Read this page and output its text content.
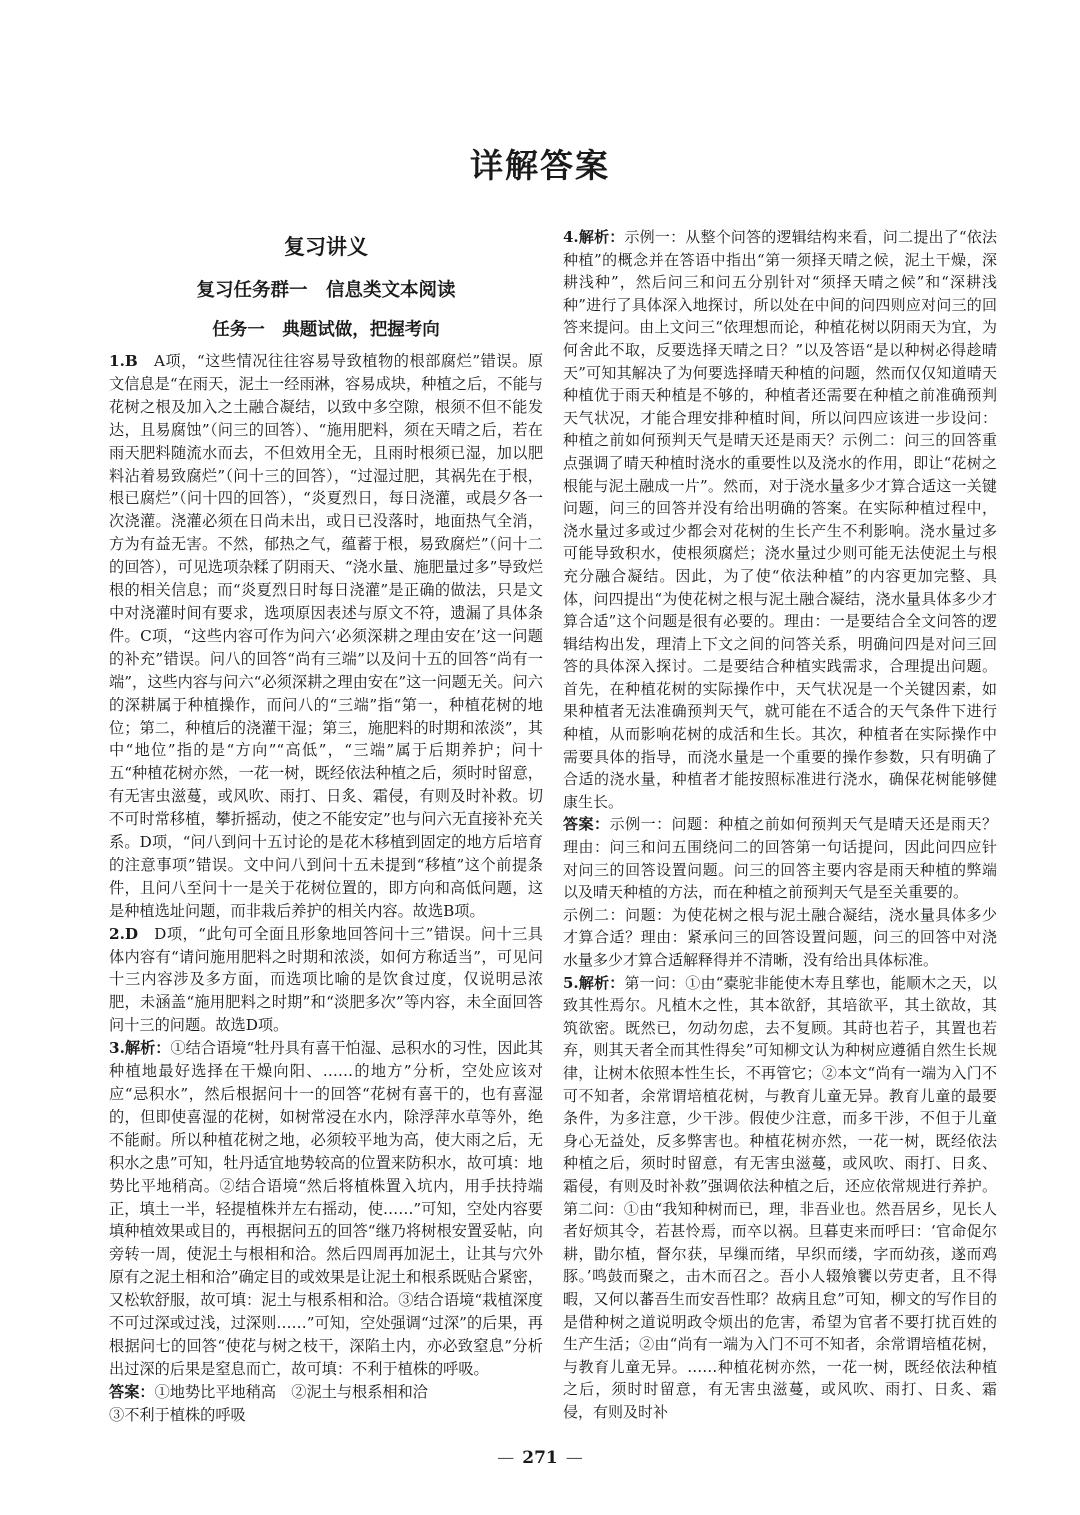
详解答案
复习讲义
复习任务群一　信息类文本阅读
任务一　典题试做，把握考向

1.B　 A项，“这些情况往往容易导致植物的根部腐烂”错误。原文信息是“在雨天，泥土一经雨淋，容易成块，种植之后，不能与花树之根及加入之土融合凝结，以致中多空隙，根须不但不能发达，且易腐蚀”（问三的回答）、“施用肥料，须在天晴之后，若在雨天肥料随流水而去，不但效用全无，且雨时根须已湿，加以肥料沾着易致腐烂”（问十三的回答），“过湿过肥，其祸先在于根，根已腐烂”（问十四的回答），“炎夏烈日，每日浇灌，或晨夕各一次浇灌。浇灌必须在日尚未出，或日已没落时，地面热气全消，方为有益无害。不然，郁热之气，蕴蓄于根，易致腐烂”（问十二的回答），可见选项杂糅了阴雨天、“浇水量、施肥量过多”导致烂根的相关信息；而“炎夏烈日时每日浇灌”是正确的做法，只是文中对浇灌时间有要求，选项原因表述与原文不符，遗漏了具体条件。C项，“这些内容可作为问六‘必须深耕之理由安在’这一问题的补充”错误。问八的回答“尚有三端”以及问十五的回答“尚有一端”，这些内容与问六“必须深耕之理由安在”这一问题无关。问六的深耕属于种植操作，而问八的“三端”指“第一，种植花树的地位；第二，种植后的浇灌干湿；第三，施肥料的时期和浓淡”，其中“地位”指的是“方向”“高低”，“三端”属于后期养护；问十五“种植花树亦然，一花一树，既经依法种植之后，须时时留意，有无害虫滋蔓，或风吹、雨打、日炙、霜侵，有则及时补救。切不可时常移植，攀折摇动，使之不能安定”也与问六无直接补充关系。D项，“问八到问十五讨论的是花木移植到固定的地方后培育的注意事项”错误。文中问八到问十五未提到“移植”这个前提条件，且问八至问十一是关于花树位置的，即方向和高低问题，这是种植选址问题，而非栽后养护的相关内容。故选B项。

2.D　 D项，“此句可全面且形象地回答问十三”错误。问十三具体内容有“请问施用肥料之时期和浓淡，如何方称适当”，可见问十三内容涉及多方面，而选项比喻的是饮食过度，仅说明忌浓肥，未涵盖“施用肥料之时期”和“淡肥多次”等内容，未全面回答问十三的问题。故选D项。

3.解析：①结合语境“牡丹具有喜干怕湿、忌积水的习性，因此其种植地最好选择在干燥向阳、……的地方”分析，空处应该对应“忌积水”，然后根据问十一的回答“花树有喜干的，也有喜湿的，但即使喜湿的花树，如树常浸在水内，除浮萍水草等外，绝不能耐。所以种植花树之地，必须较平地为高，使大雨之后，无积水之患”可知，牡丹适宜地势较高的位置来防积水，故可填：地势比平地稍高。②结合语境“然后将植株置入坑内，用手扶持端正，填土一半，轻提植株并左右摇动，使……”可知，空处内容要填种植效果或目的，再根据问五的回答“继乃将树根安置妥帖，向旁转一周，使泥土与根相和洽。然后四周再加泥土，让其与穴外原有之泥土相和洽”确定目的或效果是让泥土和根系既贴合紧密，又松软舒服，故可填：泥土与根系相和洽。③结合语境“栽植深度不可过深或过浅，过深则……”可知，空处强调“过深”的后果，再根据问七的回答“使花与树之枝干，深陷土内，亦必致窒息”分析出过深的后果是窒息而亡，故可填：不利于植株的呼吸。

答案：①地势比平地稍高　②泥土与根系相和洽
③不利于植株的呼吸

4.解析：示例一：从整个问答的逻辑结构来看，问二提出了“依法种植”的概念并在答语中指出“第一须择天晴之候，泥土干燥，深耕浅种”，然后问三和问五分别针对“须择天晴之候”和“深耕浅种”进行了具体深入地探讨，所以处在中间的问四则应对问三的回答来提问。由上文问三“依理想而论，种植花树以阴雨天为宜，为何舍此不取，反要选择天晴之日？”以及答语“是以种树必得趁晴天”可知其解决了为何要选择晴天种植的问题，然而仅仅知道晴天种植优于雨天种植是不够的，种植者还需要在种植之前准确预判天气状况，才能合理安排种植时间，所以问四应该进一步设问：种植之前如何预判天气是晴天还是雨天？示例二：问三的回答重点强调了晴天种植时浇水的重要性以及浇水的作用，即让“花树之根能与泥土融成一片”。然而，对于浇水量多少才算合适这一关键问题，问三的回答并没有给出明确的答案。在实际种植过程中，浇水量过多或过少都会对花树的生长产生不利影响。浇水量过多可能导致积水，使根须腐烂；浇水量过少则可能无法使泥土与根充分融合凝结。因此，为了使“依法种植”的内容更加完整、具体，问四提出“为使花树之根与泥土融合凝结，浇水量具体多少才算合适”这个问题是很有必要的。理由：一是要结合全文问答的逻辑结构出发，理清上下文之间的问答关系，明确问四是对问三回答的具体深入探讨。二是要结合种植实践需求，合理提出问题。首先，在种植花树的实际操作中，天气状况是一个关键因素，如果种植者无法准确预判天气，就可能在不适合的天气条件下进行种植，从而影响花树的成活和生长。其次，种植者在实际操作中需要具体的指导，而浇水量是一个重要的操作参数，只有明确了合适的浇水量，种植者才能按照标准进行浇水，确保花树能够健康生长。

答案：示例一：问题：种植之前如何预判天气是晴天还是雨天？理由：问三和问五围绕问二的回答第一句话提问，因此问四应针对问三的回答设置问题。问三的回答主要内容是雨天种植的弊端以及晴天种植的方法，而在种植之前预判天气是至关重要的。
示例二：问题：为使花树之根与泥土融合凝结，浇水量具体多少才算合适？理由：紧承问三的回答设置问题，问三的回答中对浇水量多少才算合适解释得并不清晰，没有给出具体标准。

5.解析：第一问：①由“橐驼非能使木寿且孳也，能顺木之天，以致其性焉尔。凡植木之性，其本欲舒，其培欲平，其土欲故，其筑欲密。既然已，勿动勿虑，去不复顾。其莳也若子，其置也若弃，则其天者全而其性得矣”可知柳文认为种树应遵循自然生长规律，让树木依照本性生长，不再管它；②本文“尚有一端为入门不可不知者，余常谓培植花树，与教育儿童无异。教育儿童的最要条件，为多注意，少干涉。假使少注意，而多干涉，不但于儿童身心无益处，反多弊害也。种植花树亦然，一花一树，既经依法种植之后，须时时留意，有无害虫滋蔓，或风吹、雨打、日炙、霜侵，有则及时补救”强调依法种植之后，还应依常规进行养护。第二问：①由“我知种树而已，理，非吾业也。然吾居乡，见长人者好烦其令，若甚怜焉，而卒以祸。旦暮吏来而呼曰：‘官命促尔耕，勖尔植，督尔获，早缫而绪，早织而缕，字而幼孩，遂而鸡豚。’鸣鼓而聚之，击木而召之。吾小人辍飧饔以劳吏者，且不得暇，又何以蕃吾生而安吾性耶？故病且怠”可知，柳文的写作目的是借种树之道说明政令烦出的危害，希望为官者不要打扰百姓的生产生活；②由“尚有一端为入门不可不知者，余常谓培植花树，与教育儿童无异。……种植花树亦然，一花一树，既经依法种植之后，须时时留意，有无害虫滋蔓，或风吹、雨打、日炙、霜侵，有则及时补

— 271 —
